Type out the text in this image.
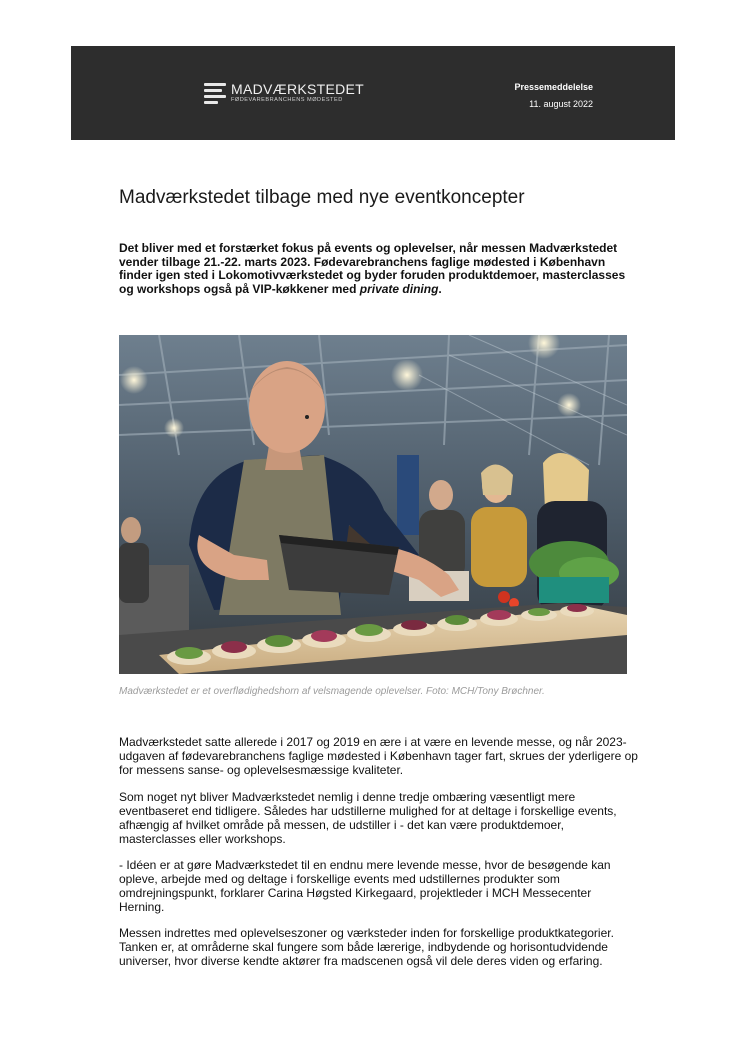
MADVÆRKSTEDET
FØDEVAREBRANCHENS MØDESTED
Pressemeddelelse
11. august 2022
Madværkstedet tilbage med nye eventkoncepter

Det bliver med et forstærket fokus på events og oplevelser, når messen Madværkstedet vender tilbage 21.-22. marts 2023. Fødevarebranchens faglige mødested i København finder igen sted i Lokomotivværkstedet og byder foruden produktdemoer, masterclasses og workshops også på VIP-køkkener med private dining.

Madværkstedet er et overflødighedshorn af velsmagende oplevelser. Foto: MCH/Tony Brøchner.

Madværkstedet satte allerede i 2017 og 2019 en ære i at være en levende messe, og når 2023-udgaven af fødevarebranchens faglige mødested i København tager fart, skrues der yderligere op for messens sanse- og oplevelsesmæssige kvaliteter.

Som noget nyt bliver Madværkstedet nemlig i denne tredje ombæring væsentligt mere eventbaseret end tidligere. Således har udstillerne mulighed for at deltage i forskellige events, afhængig af hvilket område på messen, de udstiller i - det kan være produktdemoer, masterclasses eller workshops.

- Idéen er at gøre Madværkstedet til en endnu mere levende messe, hvor de besøgende kan opleve, arbejde med og deltage i forskellige events med udstillernes produkter som omdrejningspunkt, forklarer Carina Høgsted Kirkegaard, projektleder i MCH Messecenter Herning.

Messen indrettes med oplevelseszoner og værksteder inden for forskellige produktkategorier. Tanken er, at områderne skal fungere som både lærerige, indbydende og horisontudvidende universer, hvor diverse kendte aktører fra madscenen også vil dele deres viden og erfaring.
